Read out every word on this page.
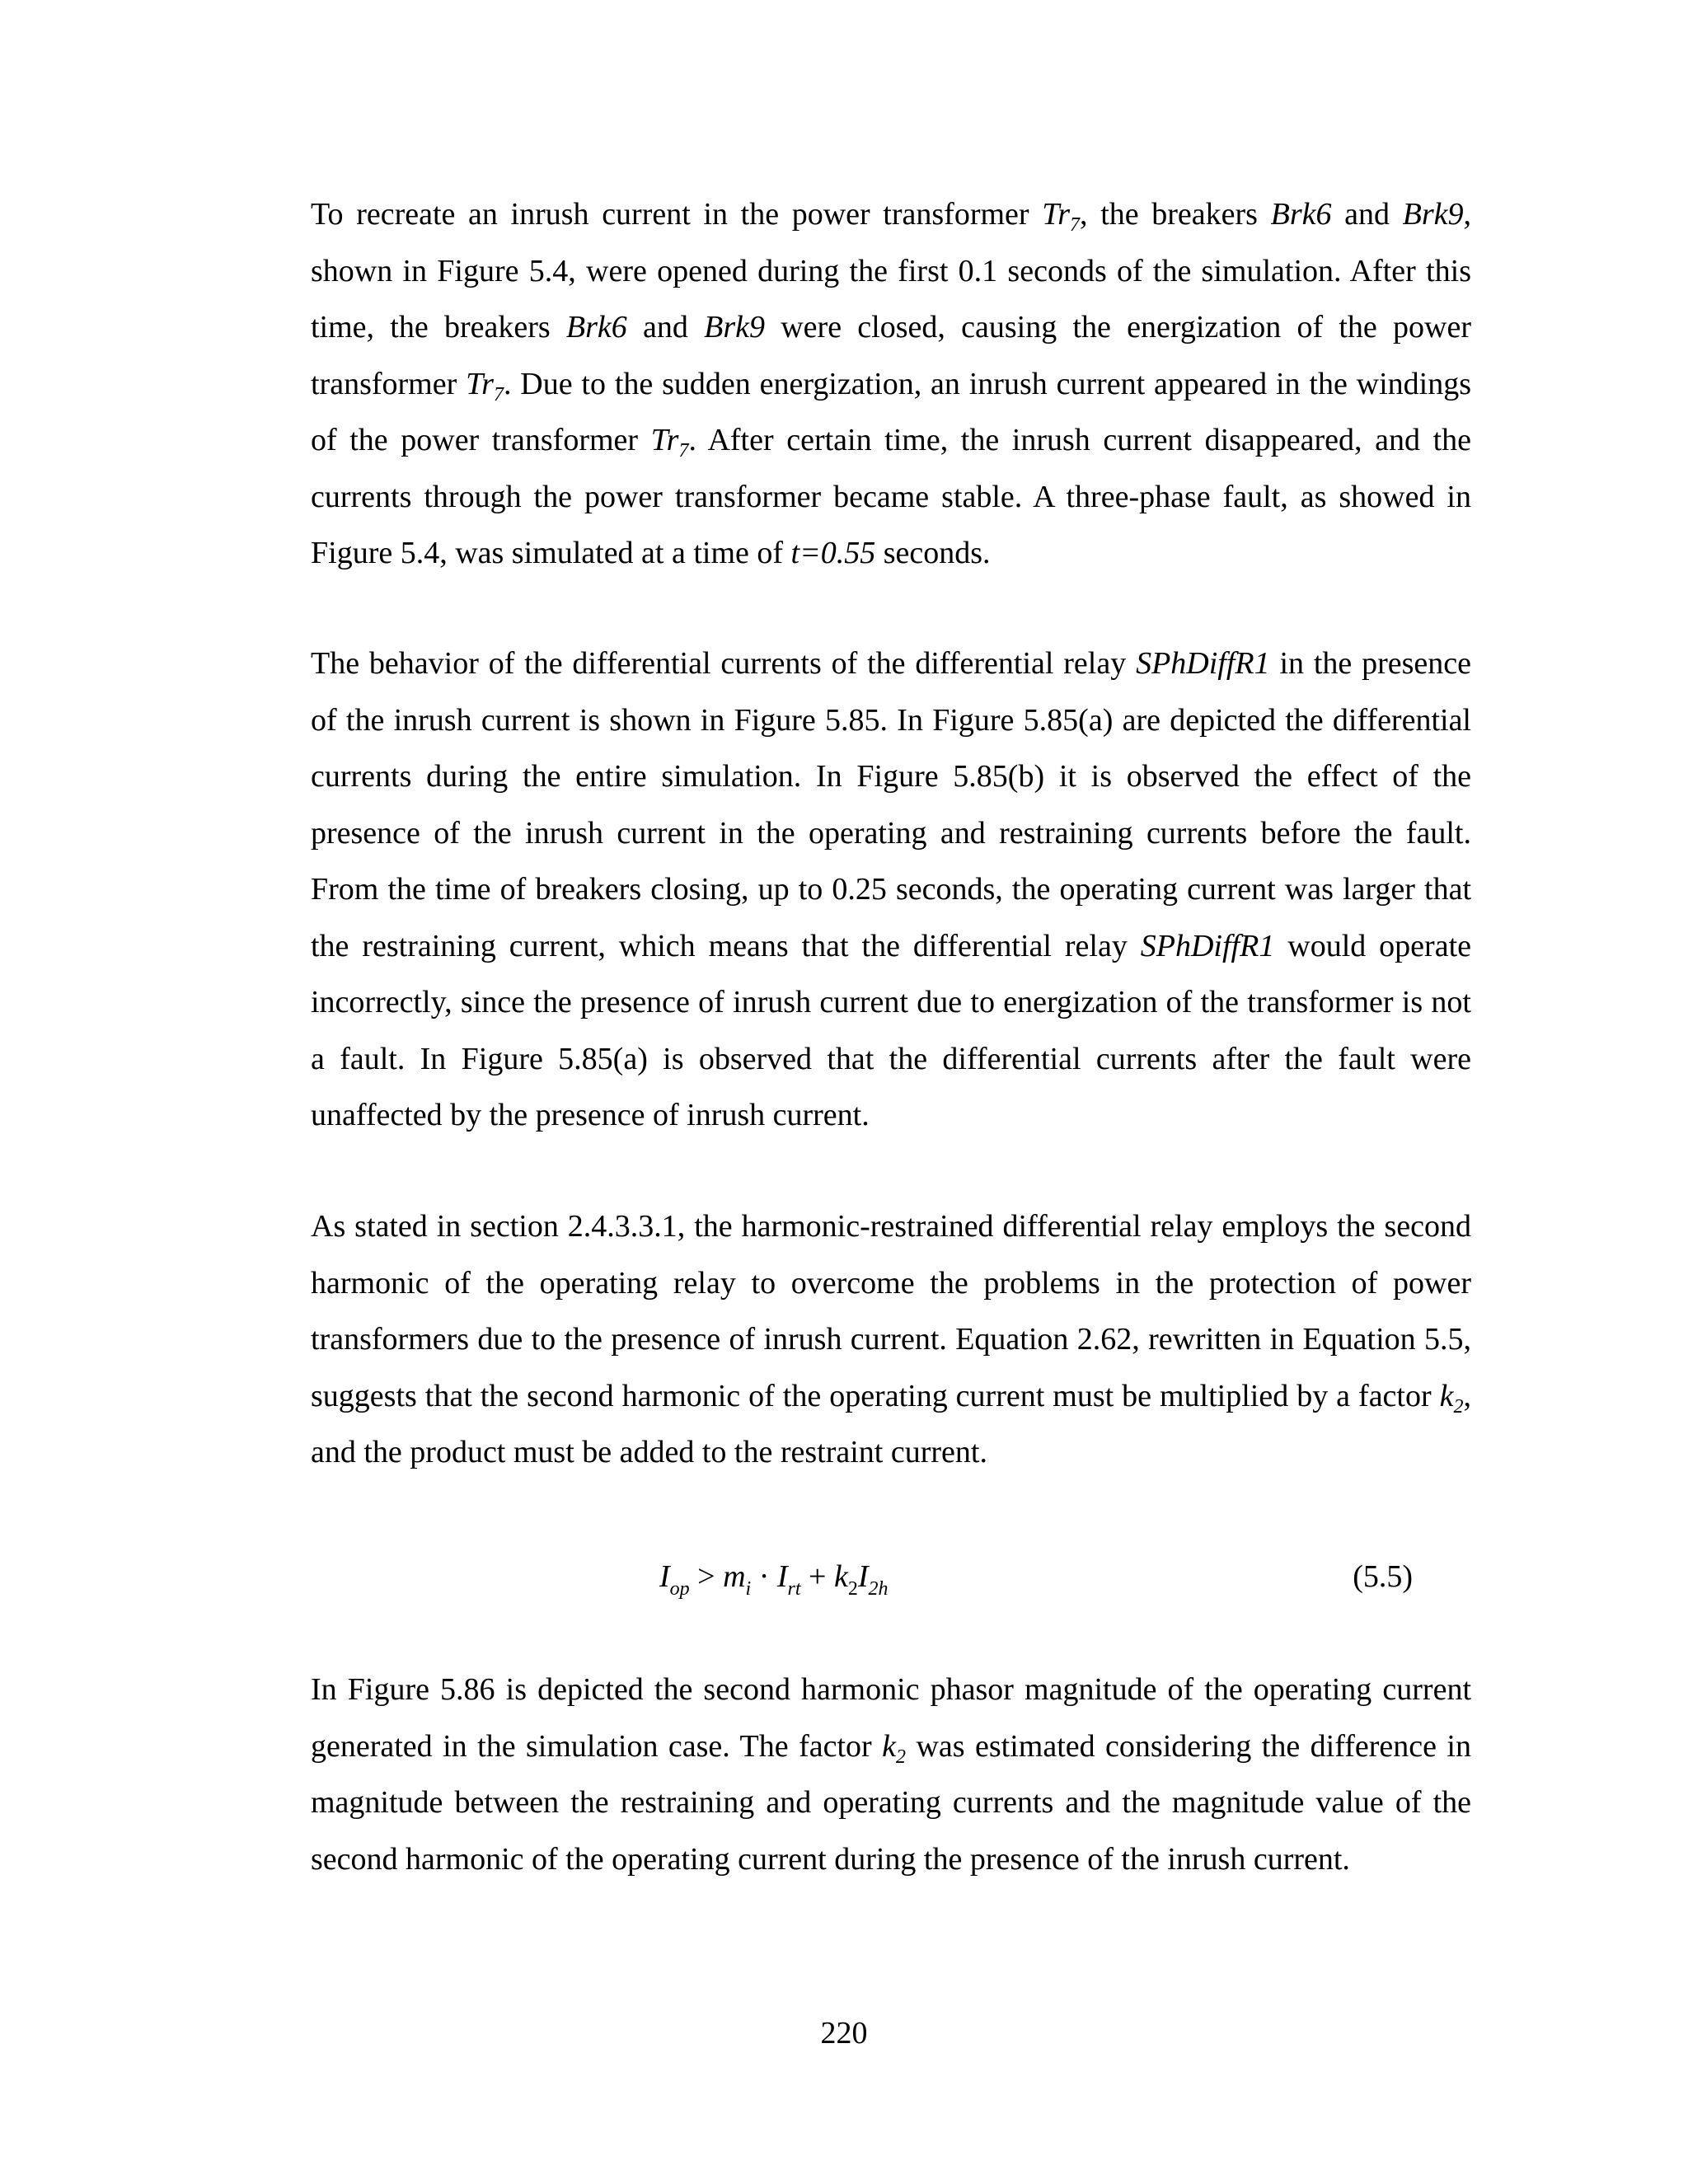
To recreate an inrush current in the power transformer $Tr_7$, the breakers Brk6 and Brk9, shown in Figure 5.4, were opened during the first 0.1 seconds of the simulation. After this time, the breakers Brk6 and Brk9 were closed, causing the energization of the power transformer $Tr_7$. Due to the sudden energization, an inrush current appeared in the windings of the power transformer $Tr_7$. After certain time, the inrush current disappeared, and the currents through the power transformer became stable. A three-phase fault, as showed in Figure 5.4, was simulated at a time of t=0.55 seconds.

The behavior of the differential currents of the differential relay SPhDiffR1 in the presence of the inrush current is shown in Figure 5.85. In Figure 5.85(a) are depicted the differential currents during the entire simulation. In Figure 5.85(b) it is observed the effect of the presence of the inrush current in the operating and restraining currents before the fault. From the time of breakers closing, up to 0.25 seconds, the operating current was larger that the restraining current, which means that the differential relay SPhDiffR1 would operate incorrectly, since the presence of inrush current due to energization of the transformer is not a fault. In Figure 5.85(a) is observed that the differential currents after the fault were unaffected by the presence of inrush current.

As stated in section 2.4.3.3.1, the harmonic-restrained differential relay employs the second harmonic of the operating relay to overcome the problems in the protection of power transformers due to the presence of inrush current. Equation 2.62, rewritten in Equation 5.5, suggests that the second harmonic of the operating current must be multiplied by a factor $k_2$, and the product must be added to the restraint current.

$I_{op} > m_i \cdot I_{rt} + k_2I_{2h}$	(5.5)

In Figure 5.86 is depicted the second harmonic phasor magnitude of the operating current generated in the simulation case. The factor $k_2$ was estimated considering the difference in magnitude between the restraining and operating currents and the magnitude value of the second harmonic of the operating current during the presence of the inrush current.

220
